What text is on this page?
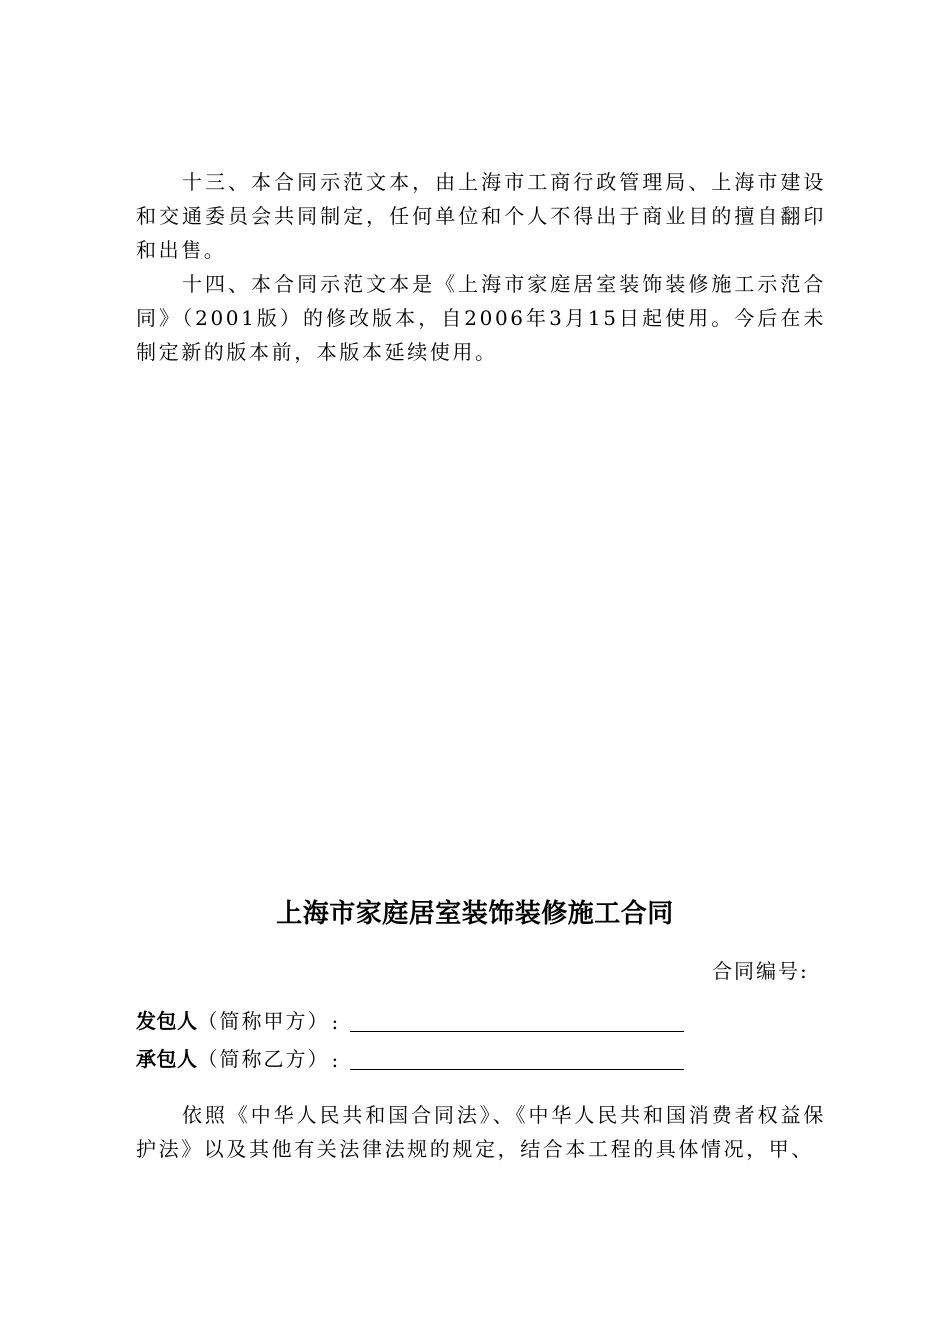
十三、本合同示范文本，由上海市工商行政管理局、上海市建设和交通委员会共同制定，任何单位和个人不得出于商业目的擅自翻印和出售。

十四、本合同示范文本是《上海市家庭居室装饰装修施工示范合同》（2001版）的修改版本，自2006年3月15日起使用。今后在未制定新的版本前，本版本延续使用。

上海市家庭居室装饰装修施工合同
合同编号:
发包人 （简称甲方） :
承包人 （简称乙方） :

依照《中华人民共和国合同法》、《中华人民共和国消费者权益保护法》以及其他有关法律法规的规定，结合本工程的具体情况，甲、
